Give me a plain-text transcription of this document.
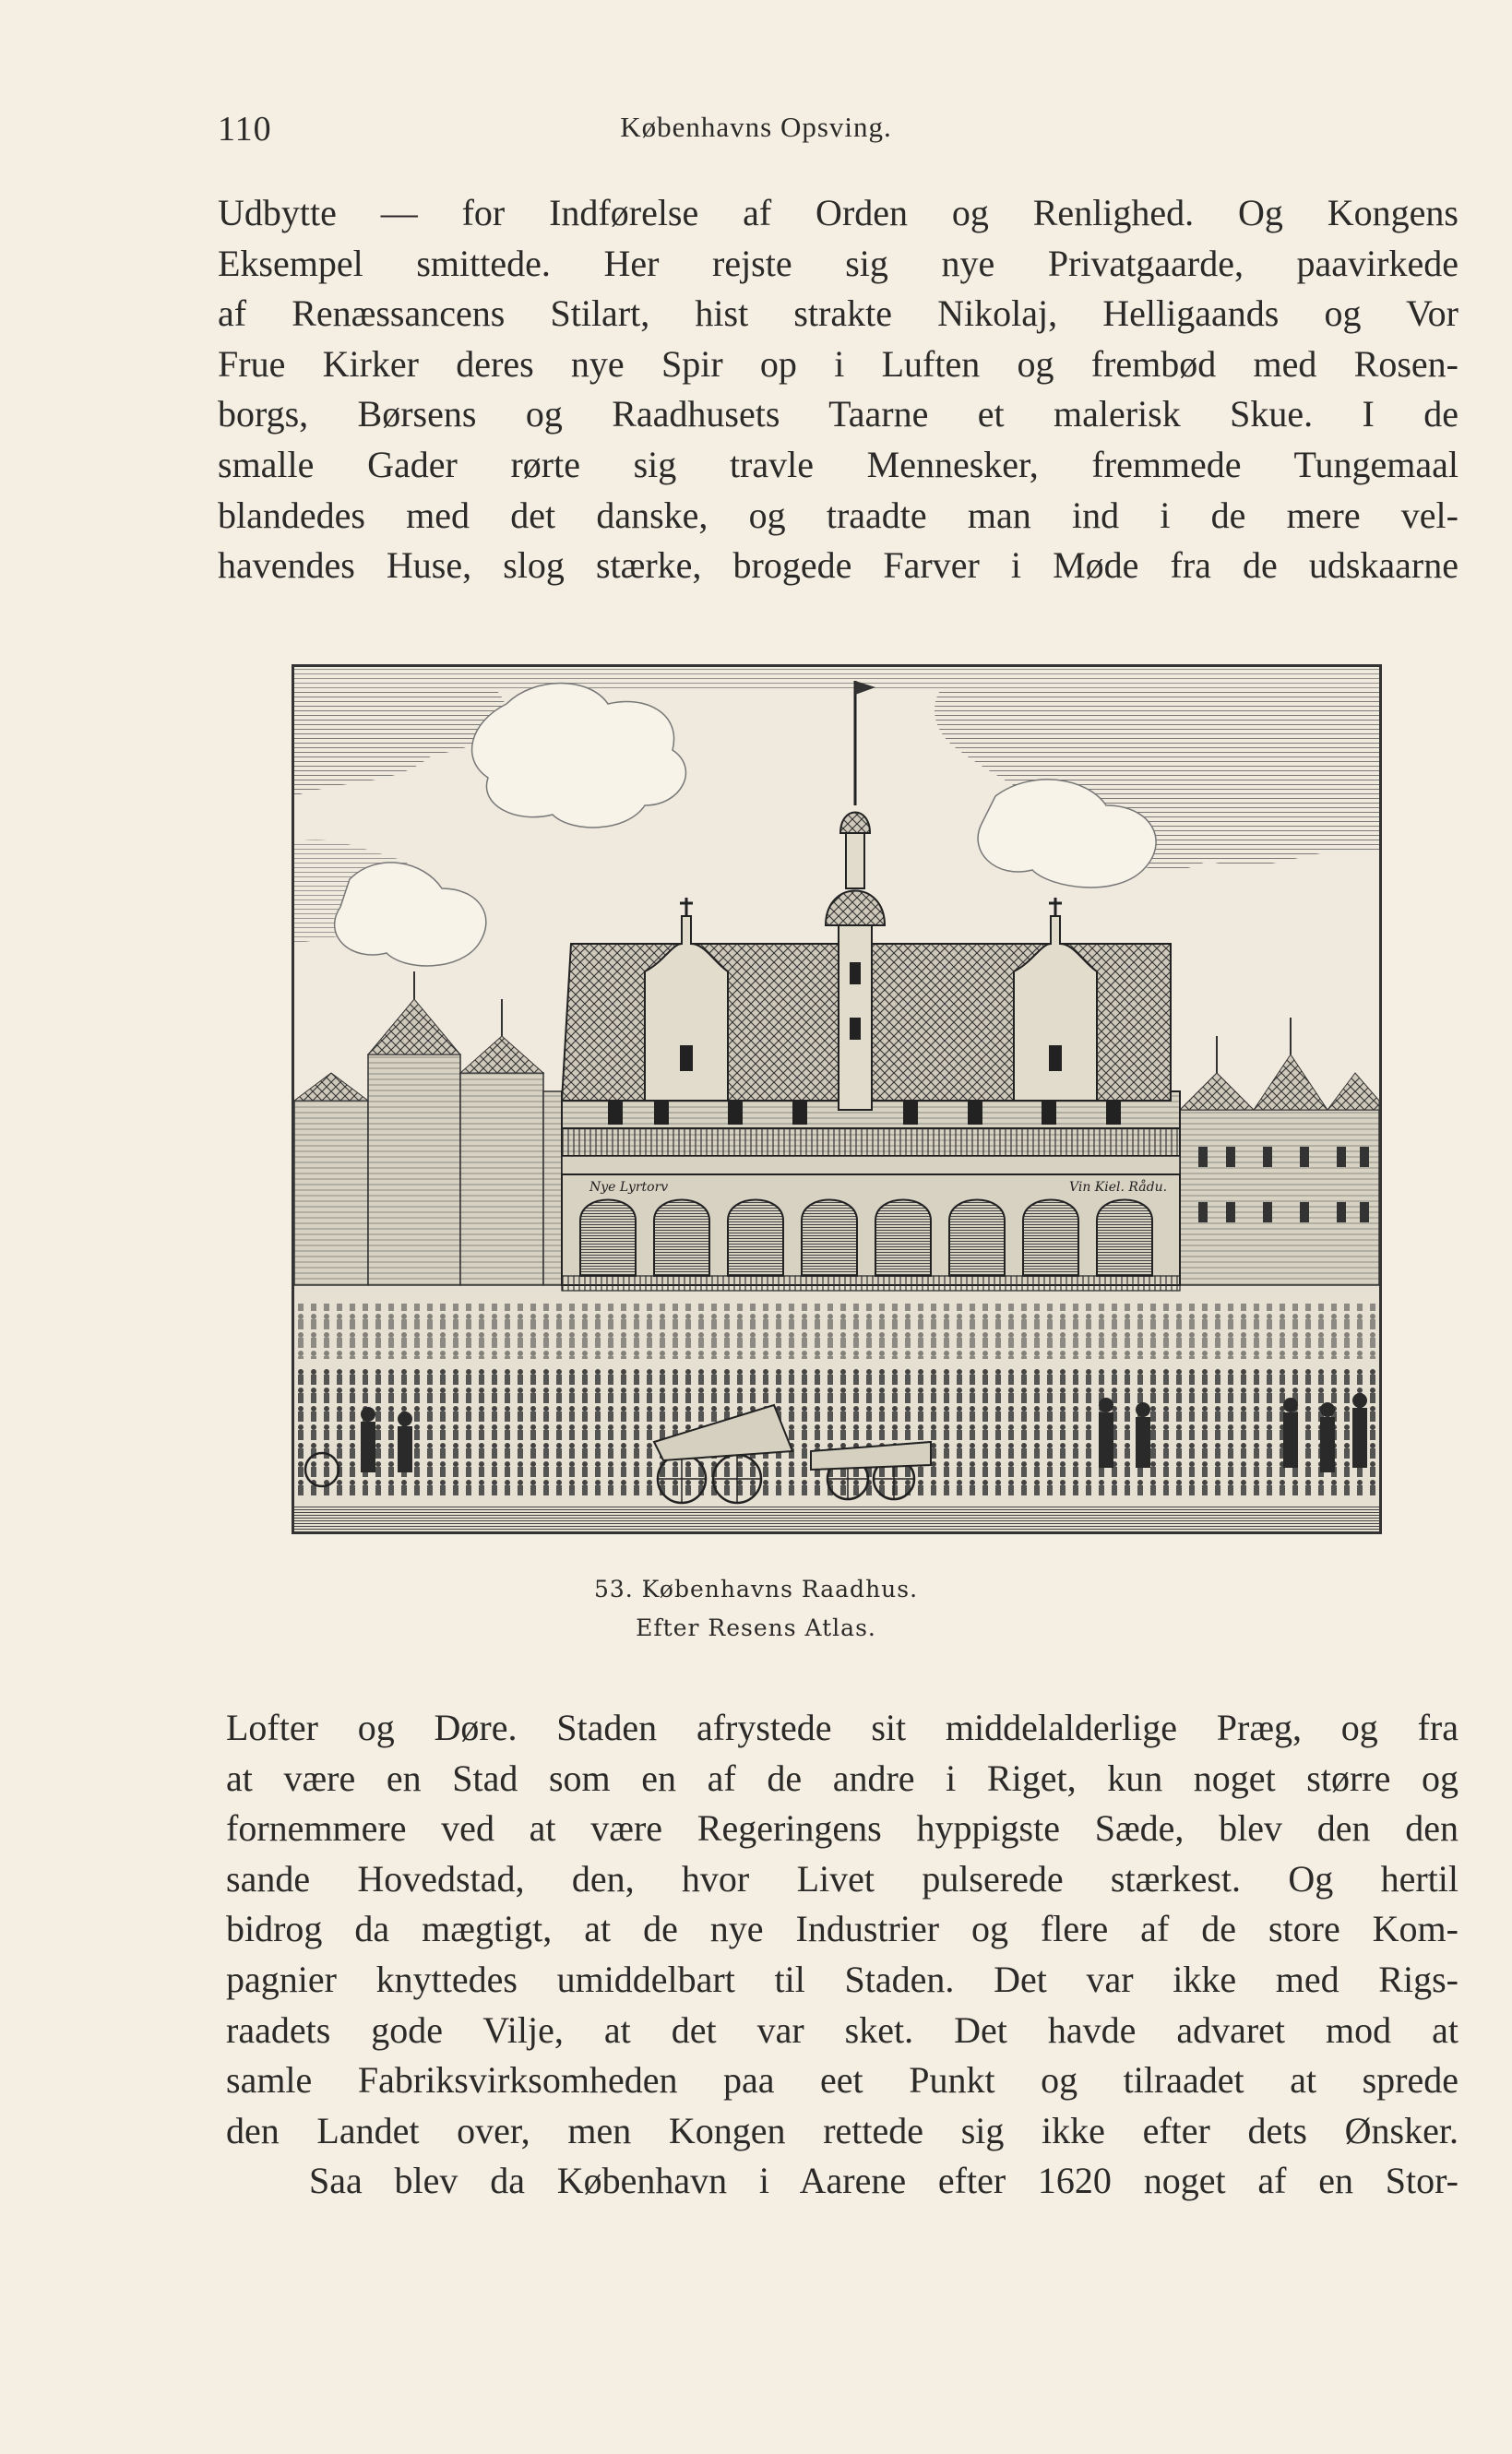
110	Københavns Opsving.
Udbytte — for Indførelse af Orden og Renlighed. Og Kongens
Eksempel smittede. Her rejste sig nye Privatgaarde, paavirkede
af Renæssancens Stilart, hist strakte Nikolaj, Helligaands og Vor
Frue Kirker deres nye Spir op i Luften og frembød med Rosen-
borgs, Børsens og Raadhusets Taarne et malerisk Skue. I de
smalle Gader rørte sig travle Mennesker, fremmede Tungemaal
blandedes med det danske, og traadte man ind i de mere vel-
havendes Huse, slog stærke, brogede Farver i Møde fra de udskaarne
Nye Lyrtorv	Vin Kiel. Rådu.
53. Københavns Raadhus.
Efter Resens Atlas.
Lofter og Døre. Staden afrystede sit middelalderlige Præg, og fra
at være en Stad som en af de andre i Riget, kun noget større og
fornemmere ved at være Regeringens hyppigste Sæde, blev den den
sande Hovedstad, den, hvor Livet pulserede stærkest. Og hertil
bidrog da mægtigt, at de nye Industrier og flere af de store Kom-
pagnier knyttedes umiddelbart til Staden. Det var ikke med Rigs-
raadets gode Vilje, at det var sket. Det havde advaret mod at
samle Fabriksvirksomheden paa eet Punkt og tilraadet at sprede
den Landet over, men Kongen rettede sig ikke efter dets Ønsker.
Saa blev da København i Aarene efter 1620 noget af en Stor-
